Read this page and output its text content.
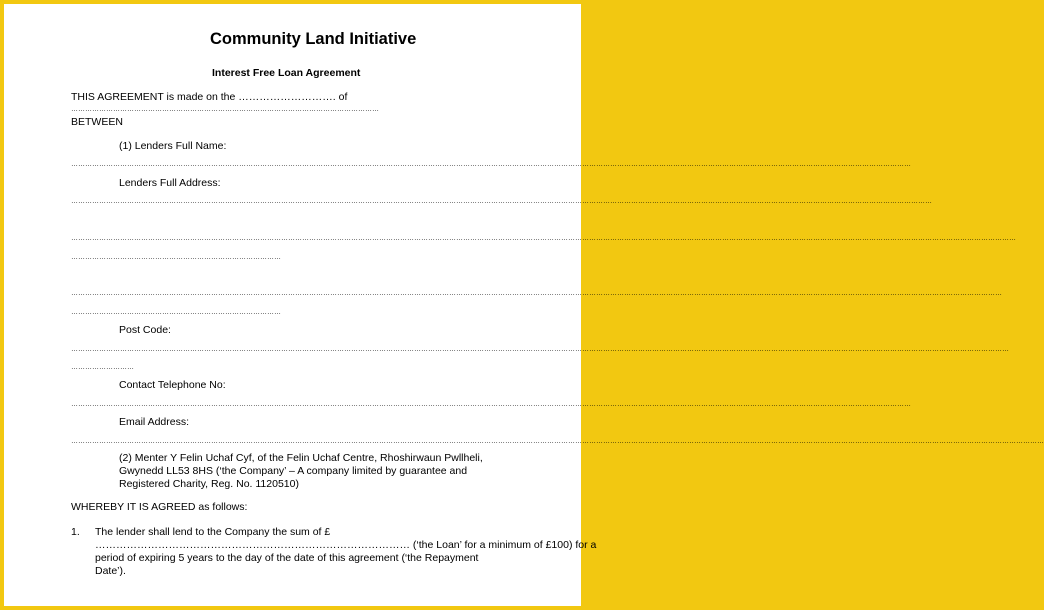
Community Land Initiative
Interest Free Loan Agreement
THIS AGREEMENT is made on the ………………………. of
……………………………………………………………………………………………………………………
BETWEEN
(1) Lenders Full Name:
………………………………………………………………………………………………………………………………………………………………………………………………………………………………………………………………………………………………………………………………
Lenders Full Address:
………………………………………………………………………………………………………………………………………………………………………………………………………………………………………………………………………………………………………………………………………
………………………………………………………………………………………………………………………………………………………………………………………………………………………………………………………………………………………………………………………………………………………………………
………………………………………………………………………………
…………………………………………………………………………………………………………………………………………………………………………………………………………………………………………………………………………………………………………………………………………………………………
………………………………………………………………………………
Post Code:
……………………………………………………………………………………………………………………………………………………………………………………………………………………………………………………………………………………………………………………………………………………………………
………………………
Contact Telephone No:
………………………………………………………………………………………………………………………………………………………………………………………………………………………………………………………………………………………………………………………………
Email Address:
…………………………………………………………………………………………………………………………………………………………………………………………………………………………………………………………………………………………………………………………………………………………………………………
(2) Menter Y Felin Uchaf Cyf, of the Felin Uchaf Centre, Rhoshirwaun Pwllheli,
Gwynedd LL53 8HS (‘the Company’ – A company limited by guarantee and
Registered Charity, Reg. No. 1120510)
WHEREBY IT IS AGREED as follows:
1. The lender shall lend to the Company the sum of £
……………………………………………………………………………… (‘the Loan’ for a minimum of £100) for a
period of expiring 5 years to the day of the date of this agreement (‘the Repayment
Date’).
